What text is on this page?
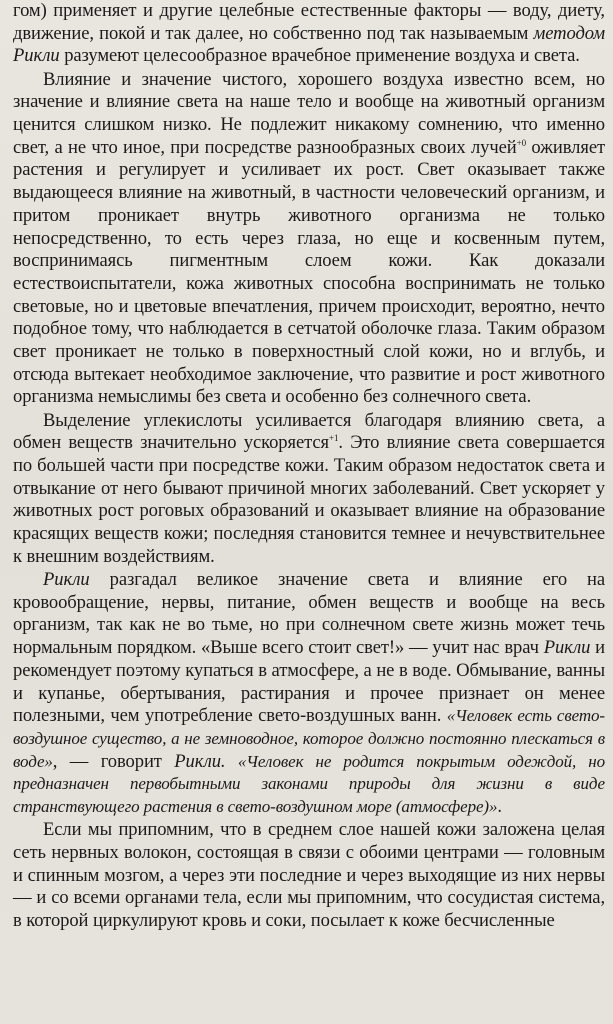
гом) применяет и другие целебные естественные факторы — воду, диету, движение, покой и так далее, но собственно под так называемым методом Рикли разумеют целесообразное врачебное применение воздуха и света.

Влияние и значение чистого, хорошего воздуха известно всем, но значение и влияние света на наше тело и вообще на животный организм ценится слишком низко. Не подлежит никакому сомнению, что именно свет, а не что иное, при посредстве разнообразных своих лучей$^{+0}$ оживляет растения и регулирует и усиливает их рост. Свет оказывает также выдающееся влияние на животный, в частности человеческий организм, и притом проникает внутрь животного организма не только непосредственно, то есть через глаза, но еще и косвенным путем, воспринимаясь пигментным слоем кожи. Как доказали естествоиспытатели, кожа животных способна воспринимать не только световые, но и цветовые впечатления, причем происходит, вероятно, нечто подобное тому, что наблюдается в сетчатой оболочке глаза. Таким образом свет проникает не только в поверхностный слой кожи, но и вглубь, и отсюда вытекает необходимое заключение, что развитие и рост животного организма немыслимы без света и особенно без солнечного света.

Выделение углекислоты усиливается благодаря влиянию света, а обмен веществ значительно ускоряется$^{+1}$. Это влияние света совершается по большей части при посредстве кожи. Таким образом недостаток света и отвыкание от него бывают причиной многих заболеваний. Свет ускоряет у животных рост роговых образований и оказывает влияние на образование красящих веществ кожи; последняя становится темнее и нечувствительнее к внешним воздействиям.

Рикли разгадал великое значение света и влияние его на кровообращение, нервы, питание, обмен веществ и вообще на весь организм, так как не во тьме, но при солнечном свете жизнь может течь нормальным порядком. «Выше всего стоит свет!» — учит нас врач Рикли и рекомендует поэтому купаться в атмосфере, а не в воде. Обмывание, ванны и купанье, обертывания, растирания и прочее признает он менее полезными, чем употребление свето-воздушных ванн. «Человек есть свето-воздушное существо, а не земноводное, которое должно постоянно плескаться в воде», — говорит Рикли. «Человек не родится покрытым одеждой, но предназначен первобытными законами природы для жизни в виде странствующего растения в свето-воздушном море (атмосфере)».

Если мы припомним, что в среднем слое нашей кожи заложена целая сеть нервных волокон, состоящая в связи с обоими центрами — головным и спинным мозгом, а через эти последние и через выходящие из них нервы — и со всеми органами тела, если мы припомним, что сосудистая система, в которой циркулируют кровь и соки, посылает к коже бесчисленные
